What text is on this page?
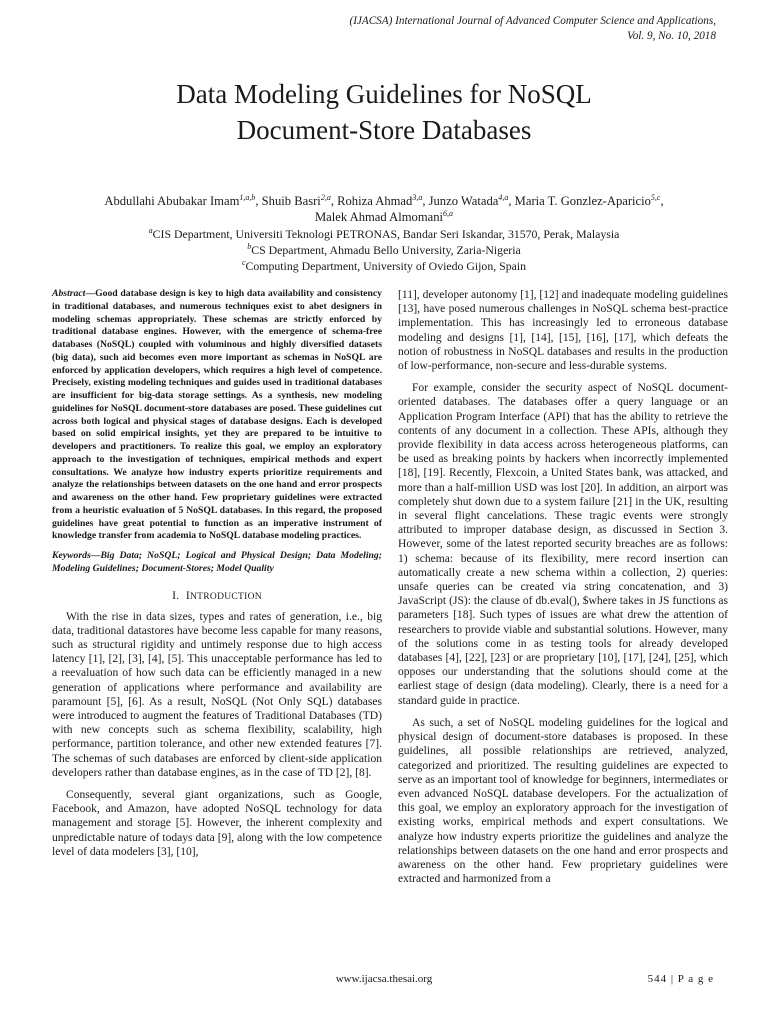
(IJACSA) International Journal of Advanced Computer Science and Applications,
Vol. 9, No. 10, 2018
Data Modeling Guidelines for NoSQL
Document-Store Databases
Abdullahi Abubakar Imam$^{1,a,b}$, Shuib Basri$^{2,a}$, Rohiza Ahmad$^{3,a}$, Junzo Watada$^{4,a}$, Maria T. Gonzlez-Aparicio$^{5,c}$,
Malek Ahmad Almomani$^{6,a}$
$^a$CIS Department, Universiti Teknologi PETRONAS, Bandar Seri Iskandar, 31570, Perak, Malaysia
$^b$CS Department, Ahmadu Bello University, Zaria-Nigeria
$^c$Computing Department, University of Oviedo Gijon, Spain
Abstract—Good database design is key to high data availability and consistency in traditional databases, and numerous techniques exist to abet designers in modeling schemas appropriately. These schemas are strictly enforced by traditional database engines. However, with the emergence of schema-free databases (NoSQL) coupled with voluminous and highly diversified datasets (big data), such aid becomes even more important as schemas in NoSQL are enforced by application developers, which requires a high level of competence. Precisely, existing modeling techniques and guides used in traditional databases are insufficient for big-data storage settings. As a synthesis, new modeling guidelines for NoSQL document-store databases are posed. These guidelines cut across both logical and physical stages of database designs. Each is developed based on solid empirical insights, yet they are prepared to be intuitive to developers and practitioners. To realize this goal, we employ an exploratory approach to the investigation of techniques, empirical methods and expert consultations. We analyze how industry experts prioritize requirements and analyze the relationships between datasets on the one hand and error prospects and awareness on the other hand. Few proprietary guidelines were extracted from a heuristic evaluation of 5 NoSQL databases. In this regard, the proposed guidelines have great potential to function as an imperative instrument of knowledge transfer from academia to NoSQL database modeling practices.
Keywords—Big Data; NoSQL; Logical and Physical Design; Data Modeling; Modeling Guidelines; Document-Stores; Model Quality
I. INTRODUCTION

With the rise in data sizes, types and rates of generation, i.e., big data, traditional datastores have become less capable for many reasons, such as structural rigidity and untimely response due to high access latency [1], [2], [3], [4], [5]. This unacceptable performance has led to a reevaluation of how such data can be efficiently managed in a new generation of applications where performance and availability are paramount [5], [6]. As a result, NoSQL (Not Only SQL) databases were introduced to augment the features of Traditional Databases (TD) with new concepts such as schema flexibility, scalability, high performance, partition tolerance, and other new extended features [7]. The schemas of such databases are enforced by client-side application developers rather than database engines, as in the case of TD [2], [8].

Consequently, several giant organizations, such as Google, Facebook, and Amazon, have adopted NoSQL technology for data management and storage [5]. However, the inherent complexity and unpredictable nature of todays data [9], along with the low competence level of data modelers [3], [10],

[11], developer autonomy [1], [12] and inadequate modeling guidelines [13], have posed numerous challenges in NoSQL schema best-practice implementation. This has increasingly led to erroneous database modeling and designs [1], [14], [15], [16], [17], which defeats the notion of robustness in NoSQL databases and results in the production of low-performance, non-secure and less-durable systems.

For example, consider the security aspect of NoSQL document-oriented databases. The databases offer a query language or an Application Program Interface (API) that has the ability to retrieve the contents of any document in a collection. These APIs, although they provide flexibility in data access across heterogeneous platforms, can be used as breaking points by hackers when incorrectly implemented [18], [19]. Recently, Flexcoin, a United States bank, was attacked, and more than a half-million USD was lost [20]. In addition, an airport was completely shut down due to a system failure [21] in the UK, resulting in several flight cancelations. These tragic events were strongly attributed to improper database design, as discussed in Section 3. However, some of the latest reported security breaches are as follows: 1) schema: because of its flexibility, mere record insertion can automatically create a new schema within a collection, 2) queries: unsafe queries can be created via string concatenation, and 3) JavaScript (JS): the clause of db.eval(), $where takes in JS functions as parameters [18]. Such types of issues are what drew the attention of researchers to provide viable and substantial solutions. However, many of the solutions come in as testing tools for already developed databases [4], [22], [23] or are proprietary [10], [17], [24], [25], which opposes our understanding that the solutions should come at the earliest stage of design (data modeling). Clearly, there is a need for a standard guide in practice.

As such, a set of NoSQL modeling guidelines for the logical and physical design of document-store databases is proposed. In these guidelines, all possible relationships are retrieved, analyzed, categorized and prioritized. The resulting guidelines are expected to serve as an important tool of knowledge for beginners, intermediates or even advanced NoSQL database developers. For the actualization of this goal, we employ an exploratory approach for the investigation of existing works, empirical methods and expert consultations. We analyze how industry experts prioritize the guidelines and analyze the relationships between datasets on the one hand and error prospects and awareness on the other hand. Few proprietary guidelines were extracted and harmonized from a

www.ijacsa.thesai.org	544 | P a g e
